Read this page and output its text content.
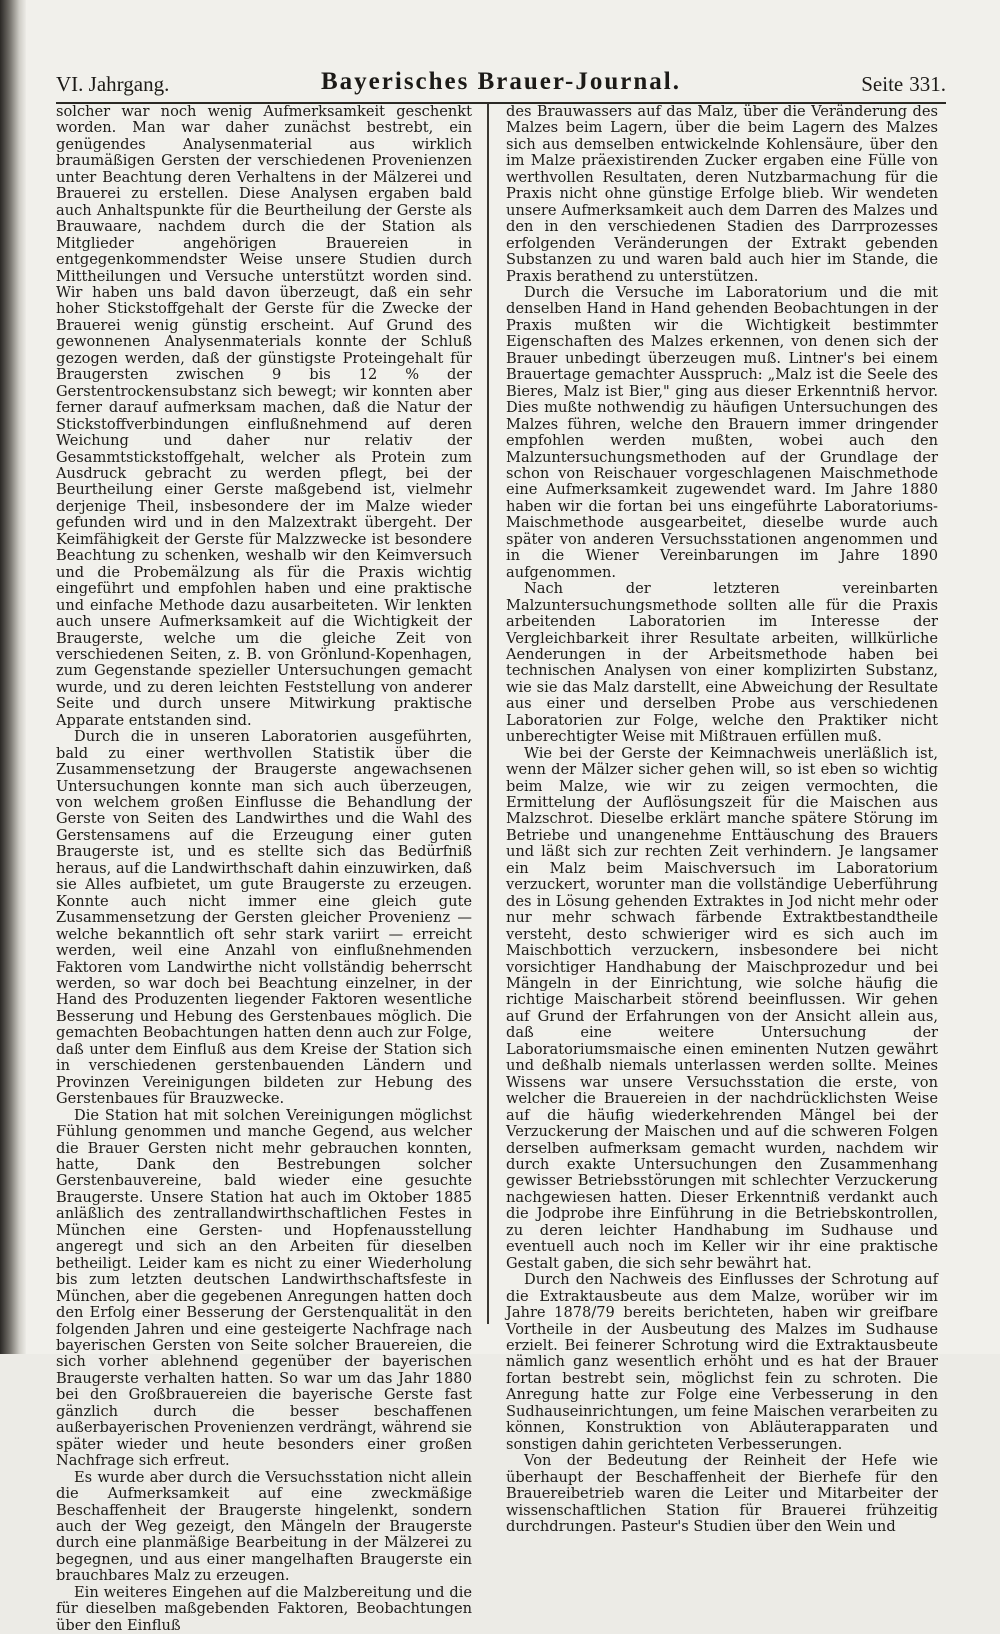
VI. Jahrgang.	Bayerisches Brauer-Journal.	Seite 331.

solcher war noch wenig Aufmerksamkeit geschenkt worden. Man war daher zunächst bestrebt, ein genügendes Analysenmaterial aus wirklich braumäßigen Gersten der verschiedenen Provenienzen unter Beachtung deren Verhaltens in der Mälzerei und Brauerei zu erstellen. Diese Analysen ergaben bald auch Anhaltspunkte für die Beurtheilung der Gerste als Brauwaare, nachdem durch die der Station als Mitglieder angehörigen Brauereien in entgegenkommendster Weise unsere Studien durch Mittheilungen und Versuche unterstützt worden sind. Wir haben uns bald davon überzeugt, daß ein sehr hoher Stickstoffgehalt der Gerste für die Zwecke der Brauerei wenig günstig erscheint. Auf Grund des gewonnenen Analysenmaterials konnte der Schluß gezogen werden, daß der günstigste Proteingehalt für Braugersten zwischen 9 bis 12 % der Gerstentrockensubstanz sich bewegt; wir konnten aber ferner darauf aufmerksam machen, daß die Natur der Stickstoffverbindungen einflußnehmend auf deren Weichung und daher nur relativ der Gesammtstickstoffgehalt, welcher als Protein zum Ausdruck gebracht zu werden pflegt, bei der Beurtheilung einer Gerste maßgebend ist, vielmehr derjenige Theil, insbesondere der im Malze wieder gefunden wird und in den Malzextrakt übergeht. Der Keimfähigkeit der Gerste für Malzzwecke ist besondere Beachtung zu schenken, weshalb wir den Keimversuch und die Probemälzung als für die Praxis wichtig eingeführt und empfohlen haben und eine praktische und einfache Methode dazu ausarbeiteten. Wir lenkten auch unsere Aufmerksamkeit auf die Wichtigkeit der Braugerste, welche um die gleiche Zeit von verschiedenen Seiten, z. B. von Grönlund-Kopenhagen, zum Gegenstande spezieller Untersuchungen gemacht wurde, und zu deren leichten Feststellung von anderer Seite und durch unsere Mitwirkung praktische Apparate entstanden sind.

Durch die in unseren Laboratorien ausgeführten, bald zu einer werthvollen Statistik über die Zusammensetzung der Braugerste angewachsenen Untersuchungen konnte man sich auch überzeugen, von welchem großen Einflusse die Behandlung der Gerste von Seiten des Landwirthes und die Wahl des Gerstensamens auf die Erzeugung einer guten Braugerste ist, und es stellte sich das Bedürfniß heraus, auf die Landwirthschaft dahin einzuwirken, daß sie Alles aufbietet, um gute Braugerste zu erzeugen. Konnte auch nicht immer eine gleich gute Zusammensetzung der Gersten gleicher Provenienz — welche bekanntlich oft sehr stark variirt — erreicht werden, weil eine Anzahl von einflußnehmenden Faktoren vom Landwirthe nicht vollständig beherrscht werden, so war doch bei Beachtung einzelner, in der Hand des Produzenten liegender Faktoren wesentliche Besserung und Hebung des Gerstenbaues möglich. Die gemachten Beobachtungen hatten denn auch zur Folge, daß unter dem Einfluß aus dem Kreise der Station sich in verschiedenen gerstenbauenden Ländern und Provinzen Vereinigungen bildeten zur Hebung des Gerstenbaues für Brauzwecke.

Die Station hat mit solchen Vereinigungen möglichst Fühlung genommen und manche Gegend, aus welcher die Brauer Gersten nicht mehr gebrauchen konnten, hatte, Dank den Bestrebungen solcher Gerstenbauvereine, bald wieder eine gesuchte Braugerste. Unsere Station hat auch im Oktober 1885 anläßlich des zentrallandwirthschaftlichen Festes in München eine Gersten- und Hopfenausstellung angeregt und sich an den Arbeiten für dieselben betheiligt. Leider kam es nicht zu einer Wiederholung bis zum letzten deutschen Landwirthschaftsfeste in München, aber die gegebenen Anregungen hatten doch den Erfolg einer Besserung der Gerstenqualität in den folgenden Jahren und eine gesteigerte Nachfrage nach bayerischen Gersten von Seite solcher Brauereien, die sich vorher ablehnend gegenüber der bayerischen Braugerste verhalten hatten. So war um das Jahr 1880 bei den Großbrauereien die bayerische Gerste fast gänzlich durch die besser beschaffenen außerbayerischen Provenienzen verdrängt, während sie später wieder und heute besonders einer großen Nachfrage sich erfreut.

Es wurde aber durch die Versuchsstation nicht allein die Aufmerksamkeit auf eine zweckmäßige Beschaffenheit der Braugerste hingelenkt, sondern auch der Weg gezeigt, den Mängeln der Braugerste durch eine planmäßige Bearbeitung in der Mälzerei zu begegnen, und aus einer mangelhaften Braugerste ein brauchbares Malz zu erzeugen.

Ein weiteres Eingehen auf die Malzbereitung und die für dieselben maßgebenden Faktoren, Beobachtungen über den Einfluß

des Brauwassers auf das Malz, über die Veränderung des Malzes beim Lagern, über die beim Lagern des Malzes sich aus demselben entwickelnde Kohlensäure, über den im Malze präexistirenden Zucker ergaben eine Fülle von werthvollen Resultaten, deren Nutzbarmachung für die Praxis nicht ohne günstige Erfolge blieb. Wir wendeten unsere Aufmerksamkeit auch dem Darren des Malzes und den in den verschiedenen Stadien des Darrprozesses erfolgenden Veränderungen der Extrakt gebenden Substanzen zu und waren bald auch hier im Stande, die Praxis berathend zu unterstützen.

Durch die Versuche im Laboratorium und die mit denselben Hand in Hand gehenden Beobachtungen in der Praxis mußten wir die Wichtigkeit bestimmter Eigenschaften des Malzes erkennen, von denen sich der Brauer unbedingt überzeugen muß. Lintner's bei einem Brauertage gemachter Ausspruch: „Malz ist die Seele des Bieres, Malz ist Bier," ging aus dieser Erkenntniß hervor. Dies mußte nothwendig zu häufigen Untersuchungen des Malzes führen, welche den Brauern immer dringender empfohlen werden mußten, wobei auch den Malzuntersuchungsmethoden auf der Grundlage der schon von Reischauer vorgeschlagenen Maischmethode eine Aufmerksamkeit zugewendet ward. Im Jahre 1880 haben wir die fortan bei uns eingeführte Laboratoriums-Maischmethode ausgearbeitet, dieselbe wurde auch später von anderen Versuchsstationen angenommen und in die Wiener Vereinbarungen im Jahre 1890 aufgenommen.

Nach der letzteren vereinbarten Malzuntersuchungsmethode sollten alle für die Praxis arbeitenden Laboratorien im Interesse der Vergleichbarkeit ihrer Resultate arbeiten, willkürliche Aenderungen in der Arbeitsmethode haben bei technischen Analysen von einer komplizirten Substanz, wie sie das Malz darstellt, eine Abweichung der Resultate aus einer und derselben Probe aus verschiedenen Laboratorien zur Folge, welche den Praktiker nicht unberechtigter Weise mit Mißtrauen erfüllen muß.

Wie bei der Gerste der Keimnachweis unerläßlich ist, wenn der Mälzer sicher gehen will, so ist eben so wichtig beim Malze, wie wir zu zeigen vermochten, die Ermittelung der Auflösungszeit für die Maischen aus Malzschrot. Dieselbe erklärt manche spätere Störung im Betriebe und unangenehme Enttäuschung des Brauers und läßt sich zur rechten Zeit verhindern. Je langsamer ein Malz beim Maischversuch im Laboratorium verzuckert, worunter man die vollständige Ueberführung des in Lösung gehenden Extraktes in Jod nicht mehr oder nur mehr schwach färbende Extraktbestandtheile versteht, desto schwieriger wird es sich auch im Maischbottich verzuckern, insbesondere bei nicht vorsichtiger Handhabung der Maischprozedur und bei Mängeln in der Einrichtung, wie solche häufig die richtige Maischarbeit störend beeinflussen. Wir gehen auf Grund der Erfahrungen von der Ansicht allein aus, daß eine weitere Untersuchung der Laboratoriumsmaische einen eminenten Nutzen gewährt und deßhalb niemals unterlassen werden sollte. Meines Wissens war unsere Versuchsstation die erste, von welcher die Brauereien in der nachdrücklichsten Weise auf die häufig wiederkehrenden Mängel bei der Verzuckerung der Maischen und auf die schweren Folgen derselben aufmerksam gemacht wurden, nachdem wir durch exakte Untersuchungen den Zusammenhang gewisser Betriebsstörungen mit schlechter Verzuckerung nachgewiesen hatten. Dieser Erkenntniß verdankt auch die Jodprobe ihre Einführung in die Betriebskontrollen, zu deren leichter Handhabung im Sudhause und eventuell auch noch im Keller wir ihr eine praktische Gestalt gaben, die sich sehr bewährt hat.

Durch den Nachweis des Einflusses der Schrotung auf die Extraktausbeute aus dem Malze, worüber wir im Jahre 1878/79 bereits berichteten, haben wir greifbare Vortheile in der Ausbeutung des Malzes im Sudhause erzielt. Bei feinerer Schrotung wird die Extraktausbeute nämlich ganz wesentlich erhöht und es hat der Brauer fortan bestrebt sein, möglichst fein zu schroten. Die Anregung hatte zur Folge eine Verbesserung in den Sudhauseinrichtungen, um feine Maischen verarbeiten zu können, Konstruktion von Abläuterapparaten und sonstigen dahin gerichteten Verbesserungen.

Von der Bedeutung der Reinheit der Hefe wie überhaupt der Beschaffenheit der Bierhefe für den Brauereibetrieb waren die Leiter und Mitarbeiter der wissenschaftlichen Station für Brauerei frühzeitig durchdrungen. Pasteur's Studien über den Wein und
